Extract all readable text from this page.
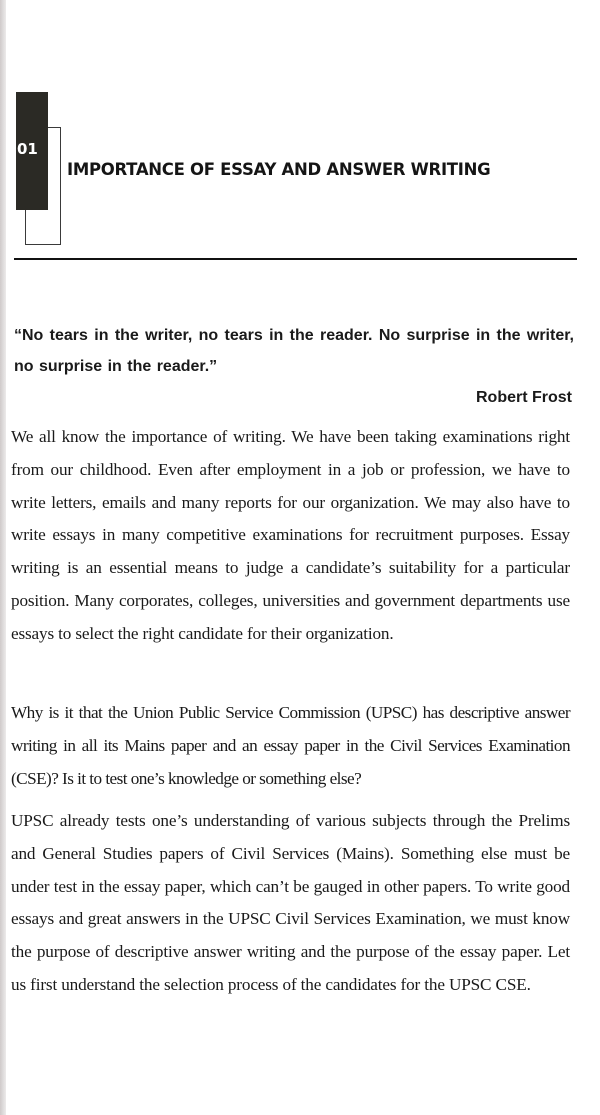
01
IMPORTANCE OF ESSAY AND ANSWER WRITING
“No tears in the writer, no tears in the reader. No surprise in the writer, no surprise in the reader.”
Robert Frost

We all know the importance of writing. We have been taking examinations right from our childhood. Even after employment in a job or profession, we have to write letters, emails and many reports for our organization. We may also have to write essays in many competitive examinations for recruitment purposes. Essay writing is an essential means to judge a candidate’s suitability for a particular position. Many corporates, colleges, universities and government departments use essays to select the right candidate for their organization.

Why is it that the Union Public Service Commission (UPSC) has descriptive answer writing in all its Mains paper and an essay paper in the Civil Services Examination (CSE)? Is it to test one’s knowledge or something else?

UPSC already tests one’s understanding of various subjects through the Prelims and General Studies papers of Civil Services (Mains). Something else must be under test in the essay paper, which can’t be gauged in other papers. To write good essays and great answers in the UPSC Civil Services Examination, we must know the purpose of descriptive answer writing and the purpose of the essay paper. Let us first understand the selection process of the candidates for the UPSC CSE.
